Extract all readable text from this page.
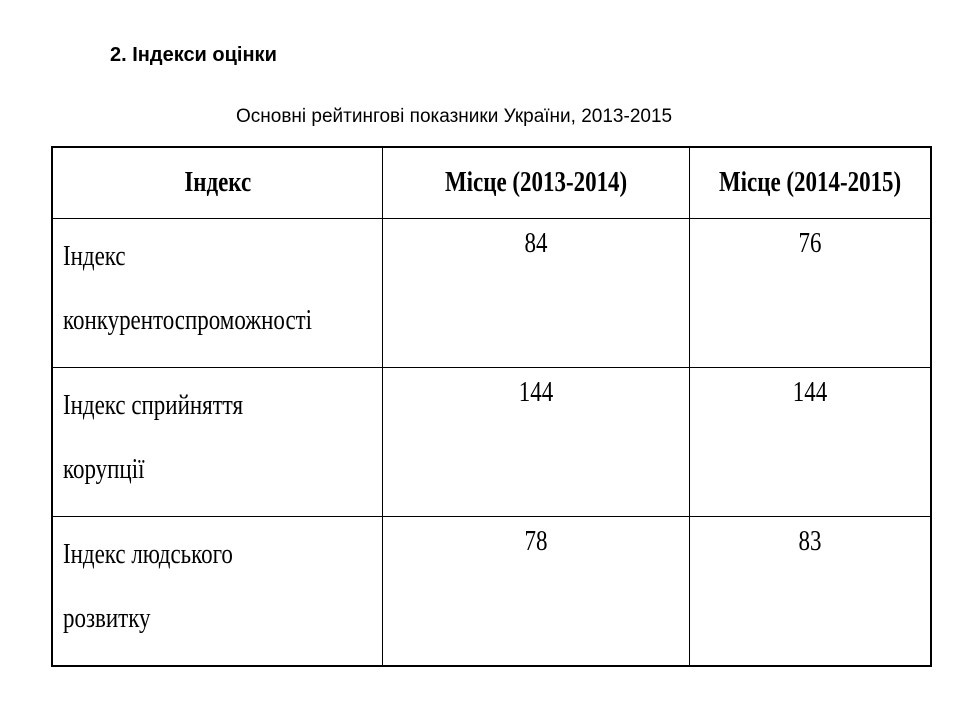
2. Індекси оцінки
Основні рейтингові показники України, 2013-2015
Індекс	Місце (2013-2014)	Місце (2014-2015)

Індекс
конкурентоспроможності	84	76

Індекс сприйняття
корупції	144	144

Індекс людського
розвитку	78	83
